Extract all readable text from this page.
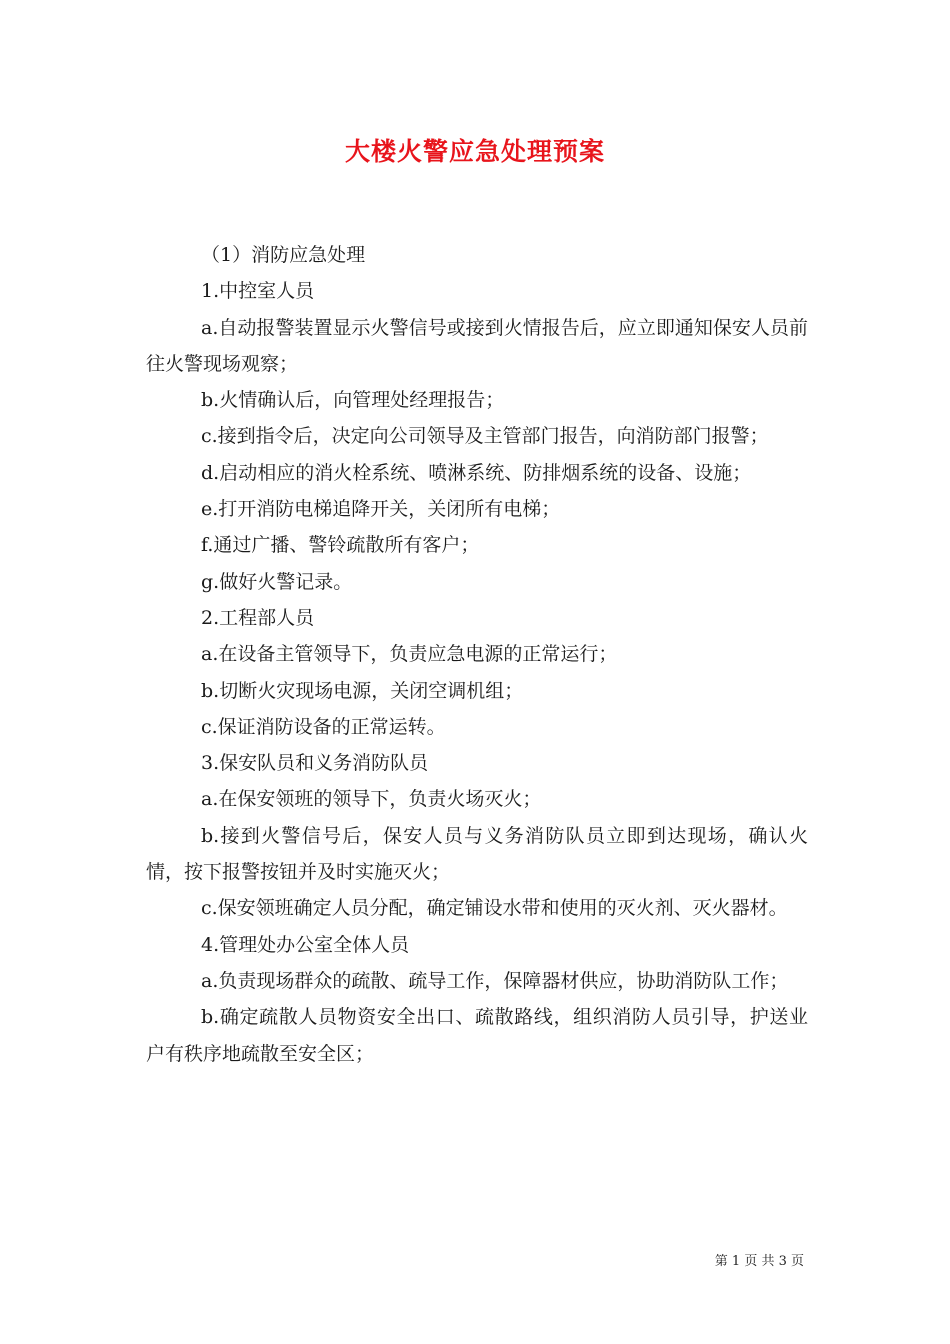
大楼火警应急处理预案

（1）消防应急处理

1.中控室人员

a.自动报警装置显示火警信号或接到火情报告后，应立即通知保安人员前往火警现场观察；

b.火情确认后，向管理处经理报告；

c.接到指令后，决定向公司领导及主管部门报告，向消防部门报警；

d.启动相应的消火栓系统、喷淋系统、防排烟系统的设备、设施；

e.打开消防电梯追降开关，关闭所有电梯；

f.通过广播、警铃疏散所有客户；

g.做好火警记录。

2.工程部人员

a.在设备主管领导下，负责应急电源的正常运行；

b.切断火灾现场电源，关闭空调机组；

c.保证消防设备的正常运转。

3.保安队员和义务消防队员

a.在保安领班的领导下，负责火场灭火；

b.接到火警信号后，保安人员与义务消防队员立即到达现场，确认火情，按下报警按钮并及时实施灭火；

c.保安领班确定人员分配，确定铺设水带和使用的灭火剂、灭火器材。

4.管理处办公室全体人员

a.负责现场群众的疏散、疏导工作，保障器材供应，协助消防队工作；

b.确定疏散人员物资安全出口、疏散路线，组织消防人员引导，护送业户有秩序地疏散至安全区；

第 1 页 共 3 页
